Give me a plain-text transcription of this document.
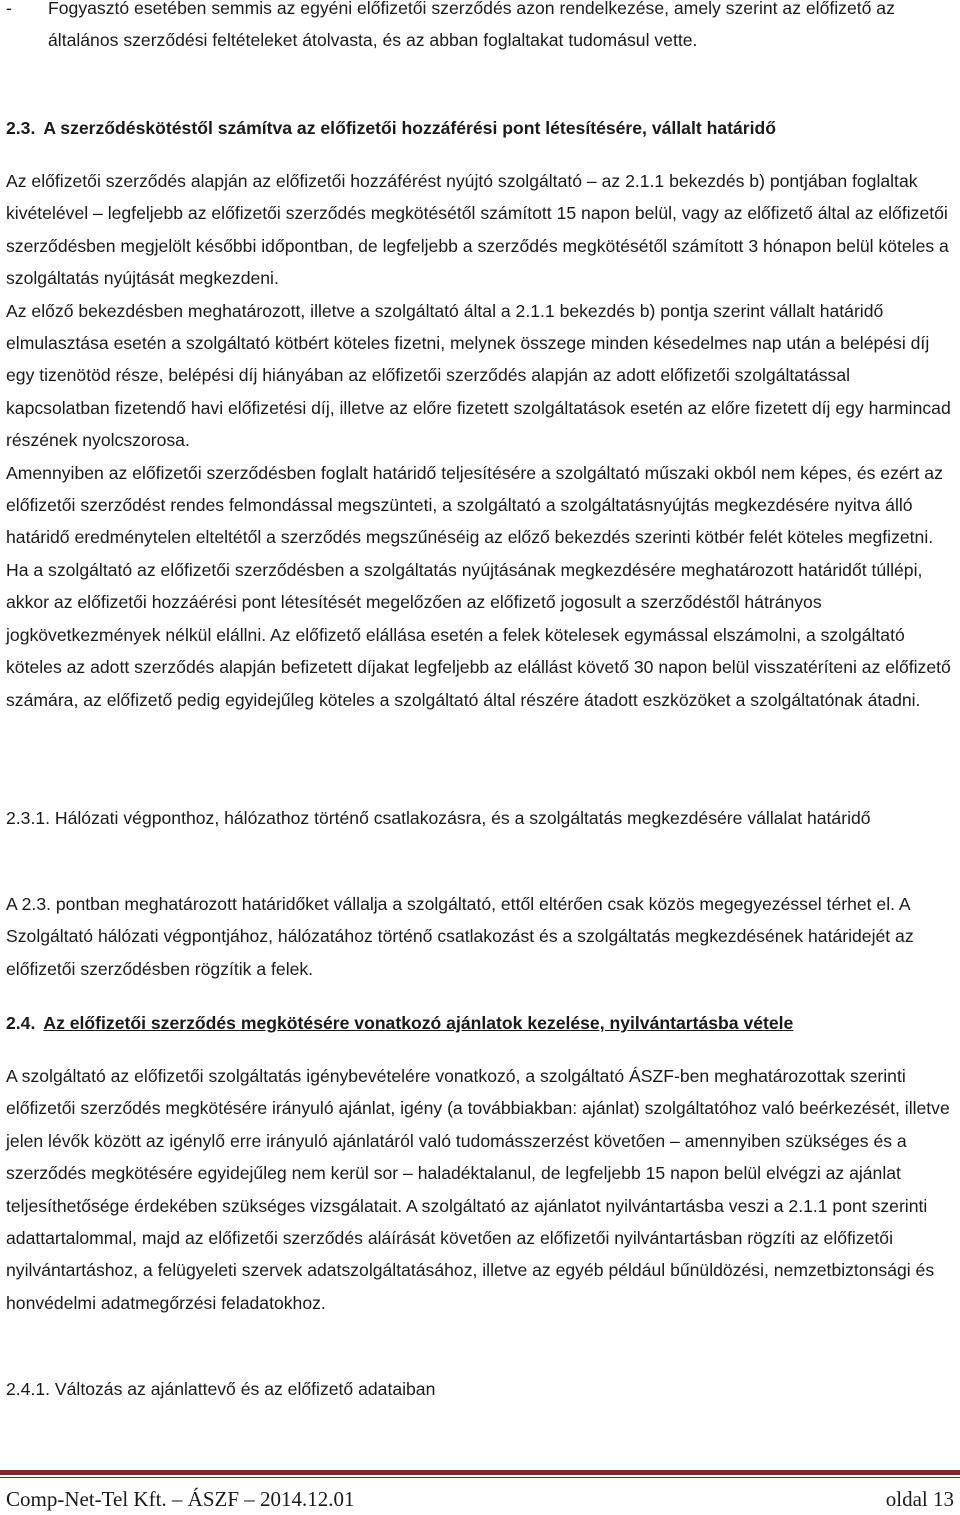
-	Fogyasztó esetében semmis az egyéni előfizetői szerződés azon rendelkezése, amely szerint az előfizető az általános szerződési feltételeket átolvasta, és az abban foglaltakat tudomásul vette.
2.3. A szerződéskötéstől számítva az előfizetői hozzáférési pont létesítésére, vállalt határidő

Az előfizetői szerződés alapján az előfizetői hozzáférést nyújtó szolgáltató – az 2.1.1 bekezdés b) pontjában foglaltak kivételével – legfeljebb az előfizetői szerződés megkötésétől számított 15 napon belül, vagy az előfizető által az előfizetői szerződésben megjelölt későbbi időpontban, de legfeljebb a szerződés megkötésétől számított 3 hónapon belül köteles a szolgáltatás nyújtását megkezdeni.

Az előző bekezdésben meghatározott, illetve a szolgáltató által a 2.1.1 bekezdés b) pontja szerint vállalt határidő elmulasztása esetén a szolgáltató kötbért köteles fizetni, melynek összege minden késedelmes nap után a belépési díj egy tizenötöd része, belépési díj hiányában az előfizetői szerződés alapján az adott előfizetői szolgáltatással kapcsolatban fizetendő havi előfizetési díj, illetve az előre fizetett szolgáltatások esetén az előre fizetett díj egy harmincad részének nyolcszorosa.

Amennyiben az előfizetői szerződésben foglalt határidő teljesítésére a szolgáltató műszaki okból nem képes, és ezért az előfizetői szerződést rendes felmondással megszünteti, a szolgáltató a szolgáltatásnyújtás megkezdésére nyitva álló határidő eredménytelen elteltétől a szerződés megszűnéséig az előző bekezdés szerinti kötbér felét köteles megfizetni.

Ha a szolgáltató az előfizetői szerződésben a szolgáltatás nyújtásának megkezdésére meghatározott határidőt túllépi, akkor az előfizetői hozzáérési pont létesítését megelőzően az előfizető jogosult a szerződéstől hátrányos jogkövetkezmények nélkül elállni. Az előfizető elállása esetén a felek kötelesek egymással elszámolni, a szolgáltató köteles az adott szerződés alapján befizetett díjakat legfeljebb az elállást követő 30 napon belül visszatéríteni az előfizető számára, az előfizető pedig egyidejűleg köteles a szolgáltató által részére átadott eszközöket a szolgáltatónak átadni.

2.3.1. Hálózati végponthoz, hálózathoz történő csatlakozásra, és a szolgáltatás megkezdésére vállalat határidő

A 2.3. pontban meghatározott határidőket vállalja a szolgáltató, ettől eltérően csak közös megegyezéssel térhet el. A Szolgáltató hálózati végpontjához, hálózatához történő csatlakozást és a szolgáltatás megkezdésének határidejét az előfizetői szerződésben rögzítik a felek.

2.4. Az előfizetői szerződés megkötésére vonatkozó ajánlatok kezelése, nyilvántartásba vétele

A szolgáltató az előfizetői szolgáltatás igénybevételére vonatkozó, a szolgáltató ÁSZF-ben meghatározottak szerinti előfizetői szerződés megkötésére irányuló ajánlat, igény (a továbbiakban: ajánlat) szolgáltatóhoz való beérkezését, illetve jelen lévők között az igénylő erre irányuló ajánlatáról való tudomásszerzést követően – amennyiben szükséges és a szerződés megkötésére egyidejűleg nem kerül sor – haladéktalanul, de legfeljebb 15 napon belül elvégzi az ajánlat teljesíthetősége érdekében szükséges vizsgálatait. A szolgáltató az ajánlatot nyilvántartásba veszi a 2.1.1 pont szerinti adattartalommal, majd az előfizetői szerződés aláírását követően az előfizetői nyilvántartásban rögzíti az előfizetői nyilvántartáshoz, a felügyeleti szervek adatszolgáltatásához, illetve az egyéb például bűnüldözési, nemzetbiztonsági és honvédelmi adatmegőrzési feladatokhoz.

2.4.1. Változás az ajánlattevő és az előfizető adataiban

Comp-Net-Tel Kft. – ÁSZF – 2014.12.01	oldal 13
